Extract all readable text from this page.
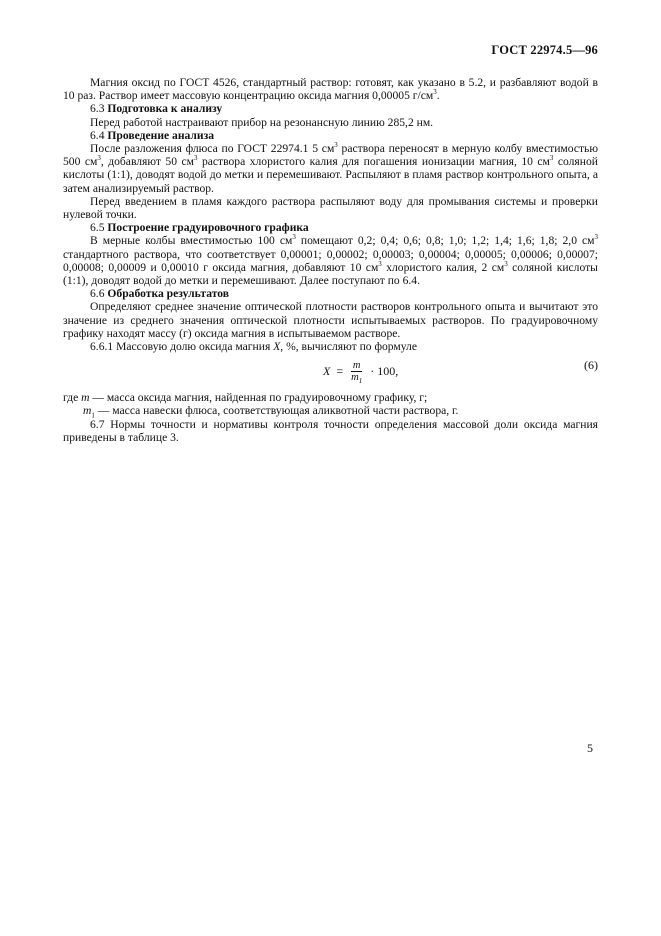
ГОСТ 22974.5—96

Магния оксид по ГОСТ 4526, стандартный раствор: готовят, как указано в 5.2, и разбавляют водой в 10 раз. Раствор имеет массовую концентрацию оксида магния 0,00005 $г/см^3$.

6.3 Подготовка к анализу

Перед работой настраивают прибор на резонансную линию 285,2 нм.

6.4 Проведение анализа

После разложения флюса по ГОСТ 22974.1 5 $см^3$ раствора переносят в мерную колбу вместимостью 500 $см^3$, добавляют 50 $см^3$ раствора хлористого калия для погашения ионизации магния, 10 $см^3$ соляной кислоты (1:1), доводят водой до метки и перемешивают. Распыляют в пламя раствор контрольного опыта, а затем анализируемый раствор.

Перед введением в пламя каждого раствора распыляют воду для промывания системы и проверки нулевой точки.

6.5 Построение градуировочного графика

В мерные колбы вместимостью 100 $см^3$ помещают 0,2; 0,4; 0,6; 0,8; 1,0; 1,2; 1,4; 1,6; 1,8; 2,0 $см^3$ стандартного раствора, что соответствует 0,00001; 0,00002; 0,00003; 0,00004; 0,00005; 0,00006; 0,00007; 0,00008; 0,00009 и 0,00010 г оксида магния, добавляют 10 $см^3$ хлористого калия, 2 $см^3$ соляной кислоты (1:1), доводят водой до метки и перемешивают. Далее поступают по 6.4.

6.6 Обработка результатов

Определяют среднее значение оптической плотности растворов контрольного опыта и вычитают это значение из среднего значения оптической плотности испытываемых растворов. По градуировочному графику находят массу (г) оксида магния в испытываемом растворе.

6.6.1 Массовую долю оксида магния X, %, вычисляют по формуле

$X = \frac{m}{m_1} \cdot 100$,	(6)

где m — масса оксида магния, найденная по градуировочному графику, г;

$m_1$ — масса навески флюса, соответствующая аликвотной части раствора, г.

6.7 Нормы точности и нормативы контроля точности определения массовой доли оксида магния приведены в таблице 3.

5
